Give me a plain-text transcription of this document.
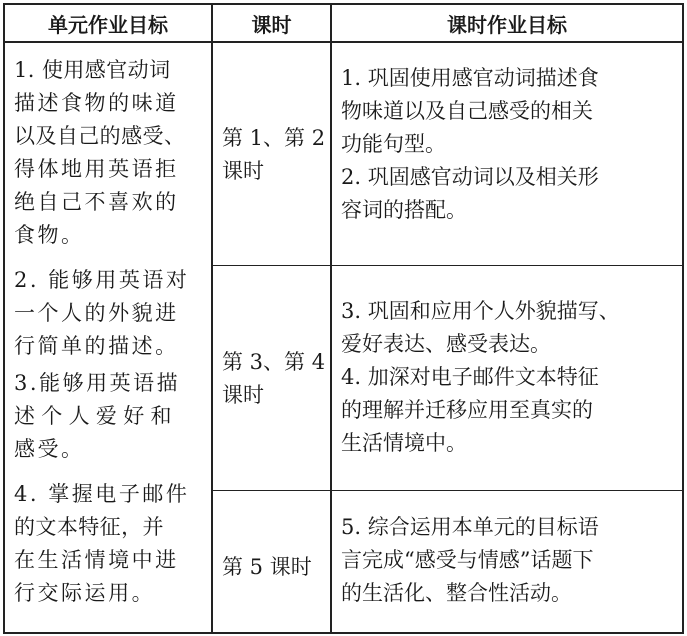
单元作业目标	课时	课时作业目标

1. 使用感官动词

描述食物的味道

以及自己的感受、

得体地用英语拒

绝自己不喜欢的

食物。

2. 能够用英语对

一个人的外貌进

行简单的描述。

3.能够用英语描

述个人爱好和

感受。

4. 掌握电子邮件

的文本特征，并

在生活情境中进

行交际运用。

第 1、第 2
课时
第 3、第 4
课时
第 5 课时

1. 巩固使用感官动词描述食

物味道以及自己感受的相关

功能句型。

2. 巩固感官动词以及相关形

容词的搭配。

3. 巩固和应用个人外貌描写、

爱好表达、感受表达。

4. 加深对电子邮件文本特征

的理解并迁移应用至真实的

生活情境中。

5. 综合运用本单元的目标语

言完成“感受与情感”话题下

的生活化、整合性活动。
